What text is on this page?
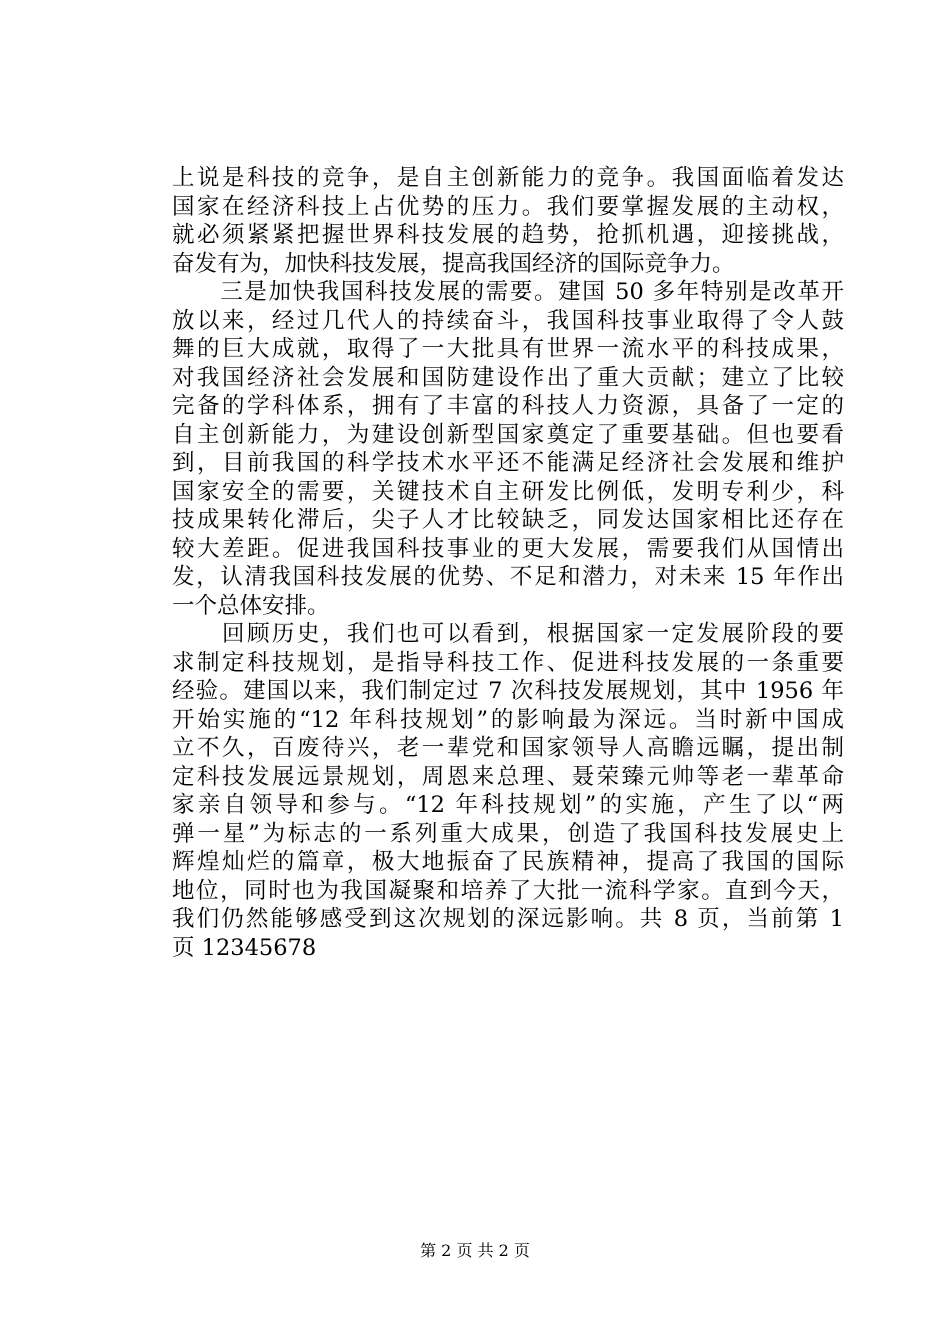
上说是科技的竞争，是自主创新能力的竞争。我国面临着发达
国家在经济科技上占优势的压力。我们要掌握发展的主动权，
就必须紧紧把握世界科技发展的趋势，抢抓机遇，迎接挑战，
奋发有为，加快科技发展，提高我国经济的国际竞争力。
　　三是加快我国科技发展的需要。建国 50 多年特别是改革开
放以来，经过几代人的持续奋斗，我国科技事业取得了令人鼓
舞的巨大成就，取得了一大批具有世界一流水平的科技成果，
对我国经济社会发展和国防建设作出了重大贡献；建立了比较
完备的学科体系，拥有了丰富的科技人力资源，具备了一定的
自主创新能力，为建设创新型国家奠定了重要基础。但也要看
到，目前我国的科学技术水平还不能满足经济社会发展和维护
国家安全的需要，关键技术自主研发比例低，发明专利少，科
技成果转化滞后，尖子人才比较缺乏，同发达国家相比还存在
较大差距。促进我国科技事业的更大发展，需要我们从国情出
发，认清我国科技发展的优势、不足和潜力，对未来 15 年作出
一个总体安排。
　　回顾历史，我们也可以看到，根据国家一定发展阶段的要
求制定科技规划，是指导科技工作、促进科技发展的一条重要
经验。建国以来，我们制定过 7 次科技发展规划，其中 1956 年
开始实施的“12 年科技规划”的影响最为深远。当时新中国成
立不久，百废待兴，老一辈党和国家领导人高瞻远瞩，提出制
定科技发展远景规划，周恩来总理、聂荣臻元帅等老一辈革命
家亲自领导和参与。“12 年科技规划”的实施，产生了以“两
弹一星”为标志的一系列重大成果，创造了我国科技发展史上
辉煌灿烂的篇章，极大地振奋了民族精神，提高了我国的国际
地位，同时也为我国凝聚和培养了大批一流科学家。直到今天，
我们仍然能够感受到这次规划的深远影响。共 8 页，当前第 1
页 12345678
第 2 页 共 2 页
